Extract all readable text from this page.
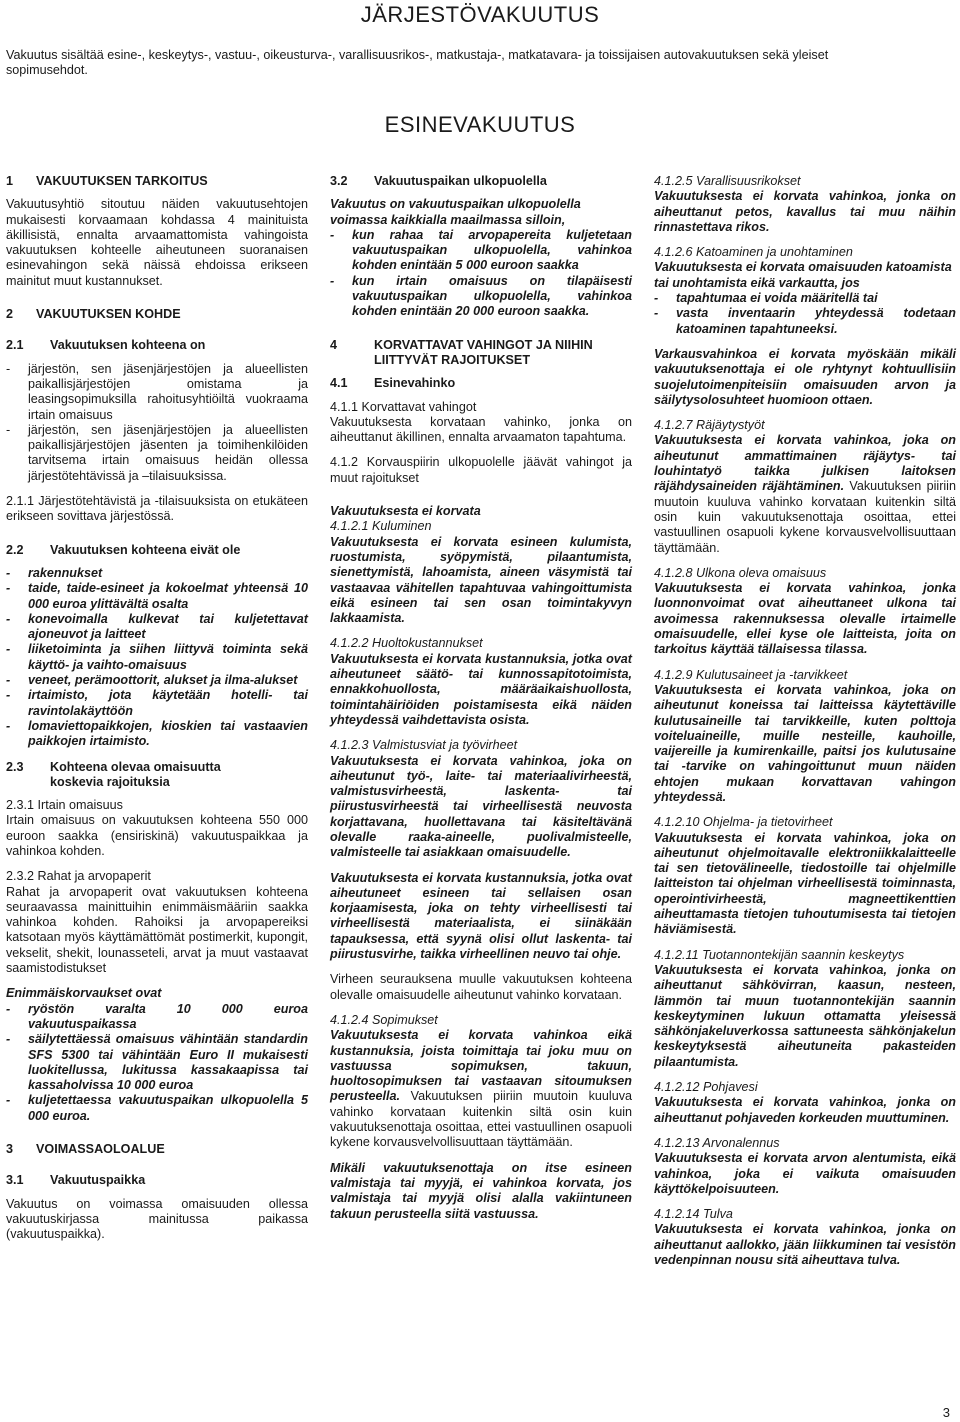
JÄRJESTÖVAKUUTUS
Vakuutus sisältää esine-, keskeytys-, vastuu-, oikeusturva-, varallisuusrikos-, matkustaja-, matkatavara- ja toissijaisen autovakuutuksen sekä yleiset sopimusehdot.
ESINEVAKUUTUS
1 VAKUUTUKSEN TARKOITUS

Vakuutusyhtiö sitoutuu näiden vakuutusehtojen mukaisesti korvaamaan kohdassa 4 mainituista äkillisistä, ennalta arvaamattomista vahingoista vakuutuksen kohteelle aiheutuneen suoranaisen esinevahingon sekä näissä ehdoissa erikseen mainitut muut kustannukset.

2 VAKUUTUKSEN KOHDE
2.1 Vakuutuksen kohteena on
- järjestön, sen jäsenjärjestöjen ja alueellisten paikallisjärjestöjen omistama ja leasingsopimuksilla rahoitusyhtiöiltä vuokraama irtain omaisuus
- järjestön, sen jäsenjärjestöjen ja alueellisten paikallisjärjestöjen jäsenten ja toimihenkilöiden tarvitsema irtain omaisuus heidän ollessa järjestötehtävissä ja –tilaisuuksissa.

2.1.1 Järjestötehtävistä ja -tilaisuuksista on etukäteen erikseen sovittava järjestössä.

2.2 Vakuutuksen kohteena eivät ole
- rakennukset
- taide, taide-esineet ja kokoelmat yhteensä 10 000 euroa ylittävältä osalta
- konevoimalla kulkevat tai kuljetettavat ajoneuvot ja laitteet
- liiketoiminta ja siihen liittyvä toiminta sekä käyttö- ja vaihto-omaisuus
- veneet, perämoottorit, alukset ja ilma-alukset
- irtaimisto, jota käytetään hotelli- tai ravintolakäyttöön
- lomaviettopaikkojen, kioskien tai vastaavien paikkojen irtaimisto.
2.3 Kohteena olevaa omaisuutta
koskevia rajoituksia
2.3.1 Irtain omaisuus

Irtain omaisuus on vakuutuksen kohteena 550 000 euroon saakka (ensiriskinä) vakuutuspaikkaa ja vahinkoa kohden.

2.3.2 Rahat ja arvopaperit

Rahat ja arvopaperit ovat vakuutuksen kohteena seuraavassa mainittuihin enimmäismääriin saakka vahinkoa kohden. Rahoiksi ja arvopapereiksi katsotaan myös käyttämättömät postimerkit, kupongit, vekselit, shekit, lounasseteli, arvat ja muut vastaavat saamistodistukset

Enimmäiskorvaukset ovat
- ryöstön varalta 10 000 euroa vakuutuspaikassa
- säilytettäessä omaisuus vähintään standardin SFS 5300 tai vähintään Euro II mukaisesti luokitellussa, lukitussa kassakaapissa tai kassaholvissa 10 000 euroa
- kuljetettaessa vakuutuspaikan ulkopuolella 5 000 euroa.
3 VOIMASSAOLOALUE
3.1 Vakuutuspaikka

Vakuutus on voimassa omaisuuden ollessa vakuutuskirjassa mainitussa paikassa (vakuutuspaikka).

3.2 Vakuutuspaikan ulkopuolella
Vakuutus on vakuutuspaikan ulkopuolella voimassa kaikkialla maailmassa silloin,
- kun rahaa tai arvopapereita kuljetetaan vakuutuspaikan ulkopuolella, vahinkoa kohden enintään 5 000 euroon saakka
- kun irtain omaisuus on tilapäisesti vakuutuspaikan ulkopuolella, vahinkoa kohden enintään 20 000 euroon saakka.
4	KORVATTAVAT VAHINGOT JA NIIHIN
LIITTYVÄT RAJOITUKSET
4.1 Esinevahinko
4.1.1 Korvattavat vahingot

Vakuutuksesta korvataan vahinko, jonka on aiheuttanut äkillinen, ennalta arvaamaton tapahtuma.

4.1.2 Korvauspiirin ulkopuolelle jäävät vahingot ja muut rajoitukset

Vakuutuksesta ei korvata
4.1.2.1 Kuluminen

Vakuutuksesta ei korvata esineen kulumista, ruostumista, syöpymistä, pilaantumista, sienettymistä, lahoamista, aineen väsymistä tai vastaavaa vähitellen tapahtuvaa vahingoittumista eikä esineen tai sen osan toimintakyvyn lakkaamista.

4.1.2.2 Huoltokustannukset

Vakuutuksesta ei korvata kustannuksia, jotka ovat aiheutuneet säätö- tai kunnossapitotoimista, ennakkohuollosta, määräaikaishuollosta, toimintahäiriöiden poistamisesta eikä näiden yhteydessä vaihdettavista osista.

4.1.2.3 Valmistusviat ja työvirheet

Vakuutuksesta ei korvata vahinkoa, joka on aiheutunut työ-, laite- tai materiaalivirheestä, valmistusvirheestä, laskenta- tai piirustusvirheestä tai virheellisestä neuvosta korjattavana, huollettavana tai käsiteltävänä olevalle raaka-aineelle, puolivalmisteelle, valmisteelle tai asiakkaan omaisuudelle.

Vakuutuksesta ei korvata kustannuksia, jotka ovat aiheutuneet esineen tai sellaisen osan korjaamisesta, joka on tehty virheellisesti tai virheellisestä materiaalista, ei siinäkään tapauksessa, että syynä olisi ollut laskenta- tai piirustusvirhe, taikka virheellinen neuvo tai ohje.

Virheen seurauksena muulle vakuutuksen kohteena olevalle omaisuudelle aiheutunut vahinko korvataan.

4.1.2.4 Sopimukset

Vakuutuksesta ei korvata vahinkoa eikä kustannuksia, joista toimittaja tai joku muu on vastuussa sopimuksen, takuun, huoltosopimuksen tai vastaavan sitoumuksen perusteella. Vakuutuksen piiriin muutoin kuuluva vahinko korvataan kuitenkin siltä osin kuin vakuutuksenottaja osoittaa, ettei vastuullinen osapuoli kykene korvausvelvollisuuttaan täyttämään.

Mikäli vakuutuksenottaja on itse esineen valmistaja tai myyjä, ei vahinkoa korvata, jos valmistaja tai myyjä olisi alalla vakiintuneen takuun perusteella siitä vastuussa.

4.1.2.5 Varallisuusrikokset

Vakuutuksesta ei korvata vahinkoa, jonka on aiheuttanut petos, kavallus tai muu näihin rinnastettava rikos.

4.1.2.6 Katoaminen ja unohtaminen
Vakuutuksesta ei korvata omaisuuden katoamista tai unohtamista eikä varkautta, jos
- tapahtumaa ei voida määritellä tai
- vasta inventaarin yhteydessä todetaan katoaminen tapahtuneeksi.

Varkausvahinkoa ei korvata myöskään mikäli vakuutuksenottaja ei ole ryhtynyt kohtuullisiin suojelutoimenpiteisiin omaisuuden arvon ja säilytysolosuhteet huomioon ottaen.

4.1.2.7 Räjäytystyöt

Vakuutuksesta ei korvata vahinkoa, joka on aiheutunut ammattimainen räjäytys- tai louhintatyö taikka julkisen laitoksen räjähdysaineiden räjähtäminen. Vakuutuksen piiriin muutoin kuuluva vahinko korvataan kuitenkin siltä osin kuin vakuutuksenottaja osoittaa, ettei vastuullinen osapuoli kykene korvausvelvollisuuttaan täyttämään.

4.1.2.8 Ulkona oleva omaisuus

Vakuutuksesta ei korvata vahinkoa, jonka luonnonvoimat ovat aiheuttaneet ulkona tai avoimessa rakennuksessa olevalle irtaimelle omaisuudelle, ellei kyse ole laitteista, joita on tarkoitus käyttää tällaisessa tilassa.

4.1.2.9 Kulutusaineet ja -tarvikkeet

Vakuutuksesta ei korvata vahinkoa, joka on aiheutunut koneissa tai laitteissa käytettäville kulutusaineille tai tarvikkeille, kuten polttoja voiteluaineille, muille nesteille, kauhoille, vaijereille ja kumirenkaille, paitsi jos kulutusaine tai -tarvike on vahingoittunut muun näiden ehtojen mukaan korvattavan vahingon yhteydessä.

4.1.2.10 Ohjelma- ja tietovirheet

Vakuutuksesta ei korvata vahinkoa, joka on aiheutunut ohjelmoitavalle elektroniikkalaitteelle tai sen tietovälineelle, tiedostoille tai ohjelmille laitteiston tai ohjelman virheellisestä toiminnasta, operointivirheestä, magneettikenttien aiheuttamasta tietojen tuhoutumisesta tai tietojen häviämisestä.

4.1.2.11 Tuotannontekijän saannin keskeytys

Vakuutuksesta ei korvata vahinkoa, jonka on aiheuttanut sähkövirran, kaasun, nesteen, lämmön tai muun tuotannontekijän saannin keskeytyminen lukuun ottamatta yleisessä sähkönjakeluverkossa sattuneesta sähkönjakelun keskeytyksestä aiheutuneita pakasteiden pilaantumista.

4.1.2.12 Pohjavesi

Vakuutuksesta ei korvata vahinkoa, jonka on aiheuttanut pohjaveden korkeuden muuttuminen.

4.1.2.13 Arvonalennus

Vakuutuksesta ei korvata arvon alentumista, eikä vahinkoa, joka ei vaikuta omaisuuden käyttökelpoisuuteen.

4.1.2.14 Tulva

Vakuutuksesta ei korvata vahinkoa, jonka on aiheuttanut aallokko, jään liikkuminen tai vesistön vedenpinnan nousu sitä aiheuttava tulva.

3
